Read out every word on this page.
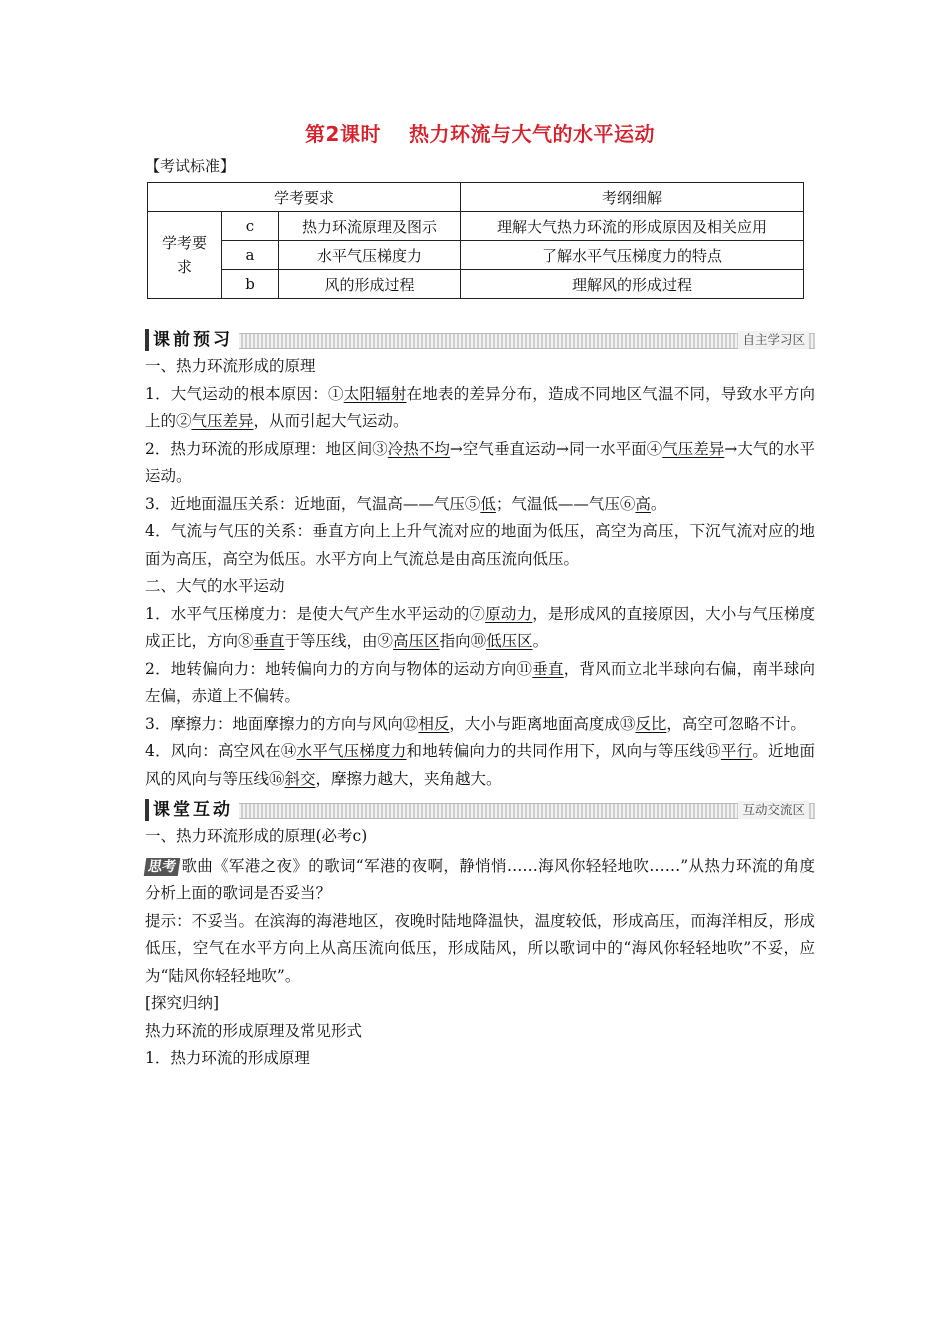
第2课时 热力环流与大气的水平运动
【考试标准】
学考要求			考纲细解
学考要求	c	热力环流原理及图示	理解大气热力环流的形成原因及相关应用
	a	水平气压梯度力	了解水平气压梯度力的特点
	b	风的形成过程	理解风的形成过程
课前预习	自主学习区

一、热力环流形成的原理

1．大气运动的根本原因：①太阳辐射在地表的差异分布，造成不同地区气温不同，导致水平方向上的②气压差异，从而引起大气运动。

2．热力环流的形成原理：地区间③冷热不均→空气垂直运动→同一水平面④气压差异→大气的水平运动。

3．近地面温压关系：近地面，气温高——气压⑤低；气温低——气压⑥高。

4．气流与气压的关系：垂直方向上上升气流对应的地面为低压，高空为高压，下沉气流对应的地面为高压，高空为低压。水平方向上气流总是由高压流向低压。

二、大气的水平运动

1．水平气压梯度力：是使大气产生水平运动的⑦原动力，是形成风的直接原因，大小与气压梯度成正比，方向⑧垂直于等压线，由⑨高压区指向⑩低压区。

2．地转偏向力：地转偏向力的方向与物体的运动方向⑪垂直，背风而立北半球向右偏，南半球向左偏，赤道上不偏转。

3．摩擦力：地面摩擦力的方向与风向⑫相反，大小与距离地面高度成⑬反比，高空可忽略不计。

4．风向：高空风在⑭水平气压梯度力和地转偏向力的共同作用下，风向与等压线⑮平行。近地面风的风向与等压线⑯斜交，摩擦力越大，夹角越大。

课堂互动	互动交流区

一、热力环流形成的原理(必考c)

思考 歌曲《军港之夜》的歌词“军港的夜啊，静悄悄……海风你轻轻地吹……”从热力环流的角度分析上面的歌词是否妥当？

提示：不妥当。在滨海的海港地区，夜晚时陆地降温快，温度较低，形成高压，而海洋相反，形成低压，空气在水平方向上从高压流向低压，形成陆风，所以歌词中的“海风你轻轻地吹”不妥，应为“陆风你轻轻地吹”。

[探究归纳]

热力环流的形成原理及常见形式

1．热力环流的形成原理
